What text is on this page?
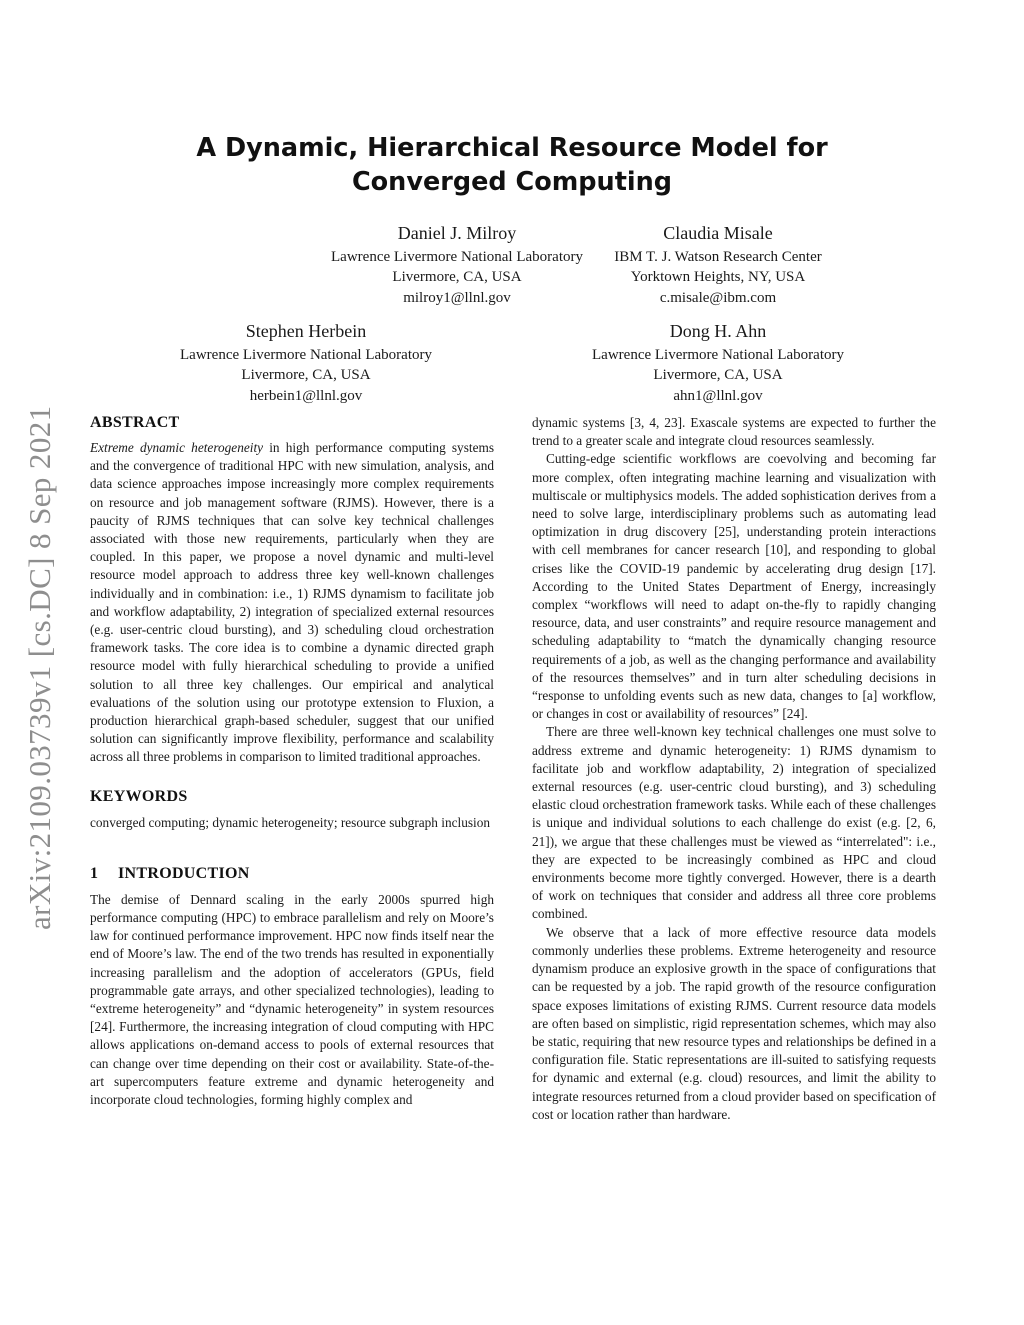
arXiv:2109.03739v1 [cs.DC] 8 Sep 2021
A Dynamic, Hierarchical Resource Model for Converged Computing
Daniel J. Milroy
Lawrence Livermore National Laboratory
Livermore, CA, USA
milroy1@llnl.gov
Claudia Misale
IBM T. J. Watson Research Center
Yorktown Heights, NY, USA
c.misale@ibm.com
Stephen Herbein
Lawrence Livermore National Laboratory
Livermore, CA, USA
herbein1@llnl.gov
Dong H. Ahn
Lawrence Livermore National Laboratory
Livermore, CA, USA
ahn1@llnl.gov
ABSTRACT

Extreme dynamic heterogeneity in high performance computing systems and the convergence of traditional HPC with new simulation, analysis, and data science approaches impose increasingly more complex requirements on resource and job management software (RJMS). However, there is a paucity of RJMS techniques that can solve key technical challenges associated with those new requirements, particularly when they are coupled. In this paper, we propose a novel dynamic and multi-level resource model approach to address three key well-known challenges individually and in combination: i.e., 1) RJMS dynamism to facilitate job and workflow adaptability, 2) integration of specialized external resources (e.g. user-centric cloud bursting), and 3) scheduling cloud orchestration framework tasks. The core idea is to combine a dynamic directed graph resource model with fully hierarchical scheduling to provide a unified solution to all three key challenges. Our empirical and analytical evaluations of the solution using our prototype extension to Fluxion, a production hierarchical graph-based scheduler, suggest that our unified solution can significantly improve flexibility, performance and scalability across all three problems in comparison to limited traditional approaches.

KEYWORDS

converged computing; dynamic heterogeneity; resource subgraph inclusion

1 INTRODUCTION

The demise of Dennard scaling in the early 2000s spurred high performance computing (HPC) to embrace parallelism and rely on Moore’s law for continued performance improvement. HPC now finds itself near the end of Moore’s law. The end of the two trends has resulted in exponentially increasing parallelism and the adoption of accelerators (GPUs, field programmable gate arrays, and other specialized technologies), leading to “extreme heterogeneity” and “dynamic heterogeneity” in system resources [24]. Furthermore, the increasing integration of cloud computing with HPC allows applications on-demand access to pools of external resources that can change over time depending on their cost or availability. State-of-the-art supercomputers feature extreme and dynamic heterogeneity and incorporate cloud technologies, forming highly complex and

dynamic systems [3, 4, 23]. Exascale systems are expected to further the trend to a greater scale and integrate cloud resources seamlessly.

Cutting-edge scientific workflows are coevolving and becoming far more complex, often integrating machine learning and visualization with multiscale or multiphysics models. The added sophistication derives from a need to solve large, interdisciplinary problems such as automating lead optimization in drug discovery [25], understanding protein interactions with cell membranes for cancer research [10], and responding to global crises like the COVID-19 pandemic by accelerating drug design [17]. According to the United States Department of Energy, increasingly complex “workflows will need to adapt on-the-fly to rapidly changing resource, data, and user constraints” and require resource management and scheduling adaptability to “match the dynamically changing resource requirements of a job, as well as the changing performance and availability of the resources themselves” and in turn alter scheduling decisions in “response to unfolding events such as new data, changes to [a] workflow, or changes in cost or availability of resources” [24].

There are three well-known key technical challenges one must solve to address extreme and dynamic heterogeneity: 1) RJMS dynamism to facilitate job and workflow adaptability, 2) integration of specialized external resources (e.g. user-centric cloud bursting), and 3) scheduling elastic cloud orchestration framework tasks. While each of these challenges is unique and individual solutions to each challenge do exist (e.g. [2, 6, 21]), we argue that these challenges must be viewed as “interrelated": i.e., they are expected to be increasingly combined as HPC and cloud environments become more tightly converged. However, there is a dearth of work on techniques that consider and address all three core problems combined.

We observe that a lack of more effective resource data models commonly underlies these problems. Extreme heterogeneity and resource dynamism produce an explosive growth in the space of configurations that can be requested by a job. The rapid growth of the resource configuration space exposes limitations of existing RJMS. Current resource data models are often based on simplistic, rigid representation schemes, which may also be static, requiring that new resource types and relationships be defined in a configuration file. Static representations are ill-suited to satisfying requests for dynamic and external (e.g. cloud) resources, and limit the ability to integrate resources returned from a cloud provider based on specification of cost or location rather than hardware.
